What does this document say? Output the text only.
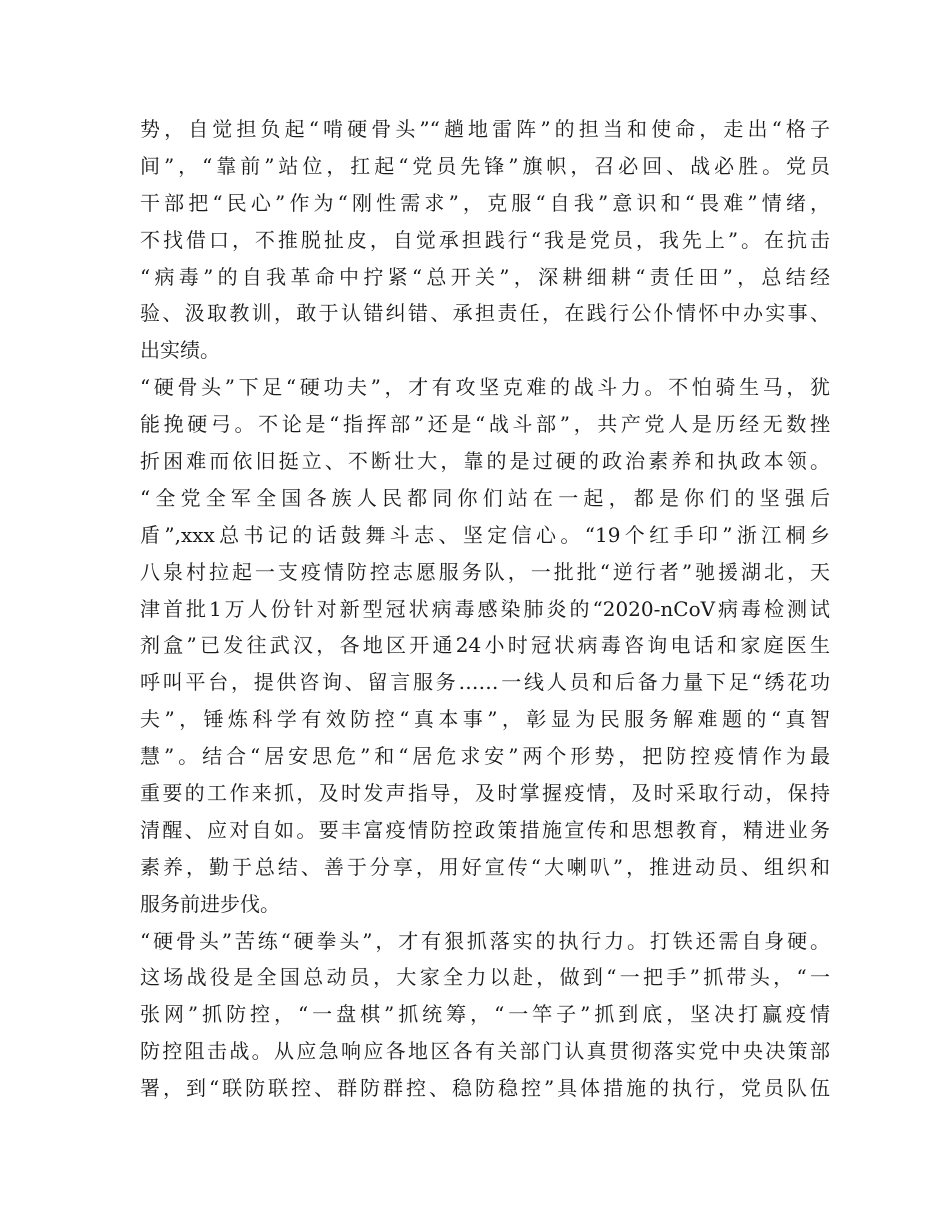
势，自觉担负起“啃硬骨头”“趟地雷阵”的担当和使命，走出“格子
间”，“靠前”站位，扛起“党员先锋”旗帜，召必回、战必胜。党员
干部把“民心”作为“刚性需求”，克服“自我”意识和“畏难”情绪，
不找借口，不推脱扯皮，自觉承担践行“我是党员，我先上”。在抗击
“病毒”的自我革命中拧紧“总开关”，深耕细耕“责任田”，总结经
验、汲取教训，敢于认错纠错、承担责任，在践行公仆情怀中办实事、
出实绩。
“硬骨头”下足“硬功夫”，才有攻坚克难的战斗力。不怕骑生马，犹
能挽硬弓。不论是“指挥部”还是“战斗部”，共产党人是历经无数挫
折困难而依旧挺立、不断壮大，靠的是过硬的政治素养和执政本领。
“全党全军全国各族人民都同你们站在一起，都是你们的坚强后
盾”,xxx总书记的话鼓舞斗志、坚定信心。“19个红手印”浙江桐乡
八泉村拉起一支疫情防控志愿服务队，一批批“逆行者”驰援湖北，天
津首批1万人份针对新型冠状病毒感染肺炎的“2020-nCoV病毒检测试
剂盒”已发往武汉，各地区开通24小时冠状病毒咨询电话和家庭医生
呼叫平台，提供咨询、留言服务……一线人员和后备力量下足“绣花功
夫”，锤炼科学有效防控“真本事”，彰显为民服务解难题的“真智
慧”。结合“居安思危”和“居危求安”两个形势，把防控疫情作为最
重要的工作来抓，及时发声指导，及时掌握疫情，及时采取行动，保持
清醒、应对自如。要丰富疫情防控政策措施宣传和思想教育，精进业务
素养，勤于总结、善于分享，用好宣传“大喇叭”，推进动员、组织和
服务前进步伐。
“硬骨头”苦练“硬拳头”，才有狠抓落实的执行力。打铁还需自身硬。
这场战役是全国总动员，大家全力以赴，做到“一把手”抓带头，“一
张网”抓防控，“一盘棋”抓统筹，“一竿子”抓到底，坚决打赢疫情
防控阻击战。从应急响应各地区各有关部门认真贯彻落实党中央决策部
署，到“联防联控、群防群控、稳防稳控”具体措施的执行，党员队伍
